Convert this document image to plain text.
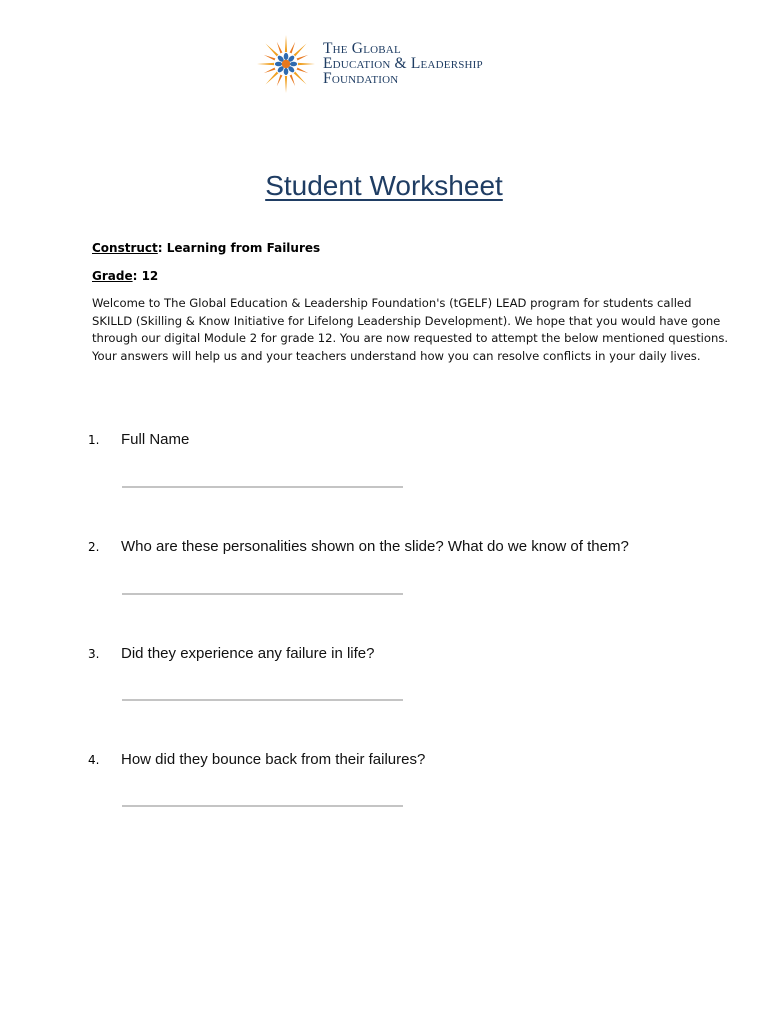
The Global
Education & Leadership
Foundation
Student Worksheet
Construct: Learning from Failures
Grade: 12

Welcome to The Global Education & Leadership Foundation's (tGELF) LEAD program for students called SKILLD (Skilling & Know Initiative for Lifelong Leadership Development). We hope that you would have gone through our digital Module 2 for grade 12. You are now requested to attempt the below mentioned questions. Your answers will help us and your teachers understand how you can resolve conflicts in your daily lives.

1. Full Name
2. Who are these personalities shown on the slide? What do we know of them?
3. Did they experience any failure in life?
4. How did they bounce back from their failures?
